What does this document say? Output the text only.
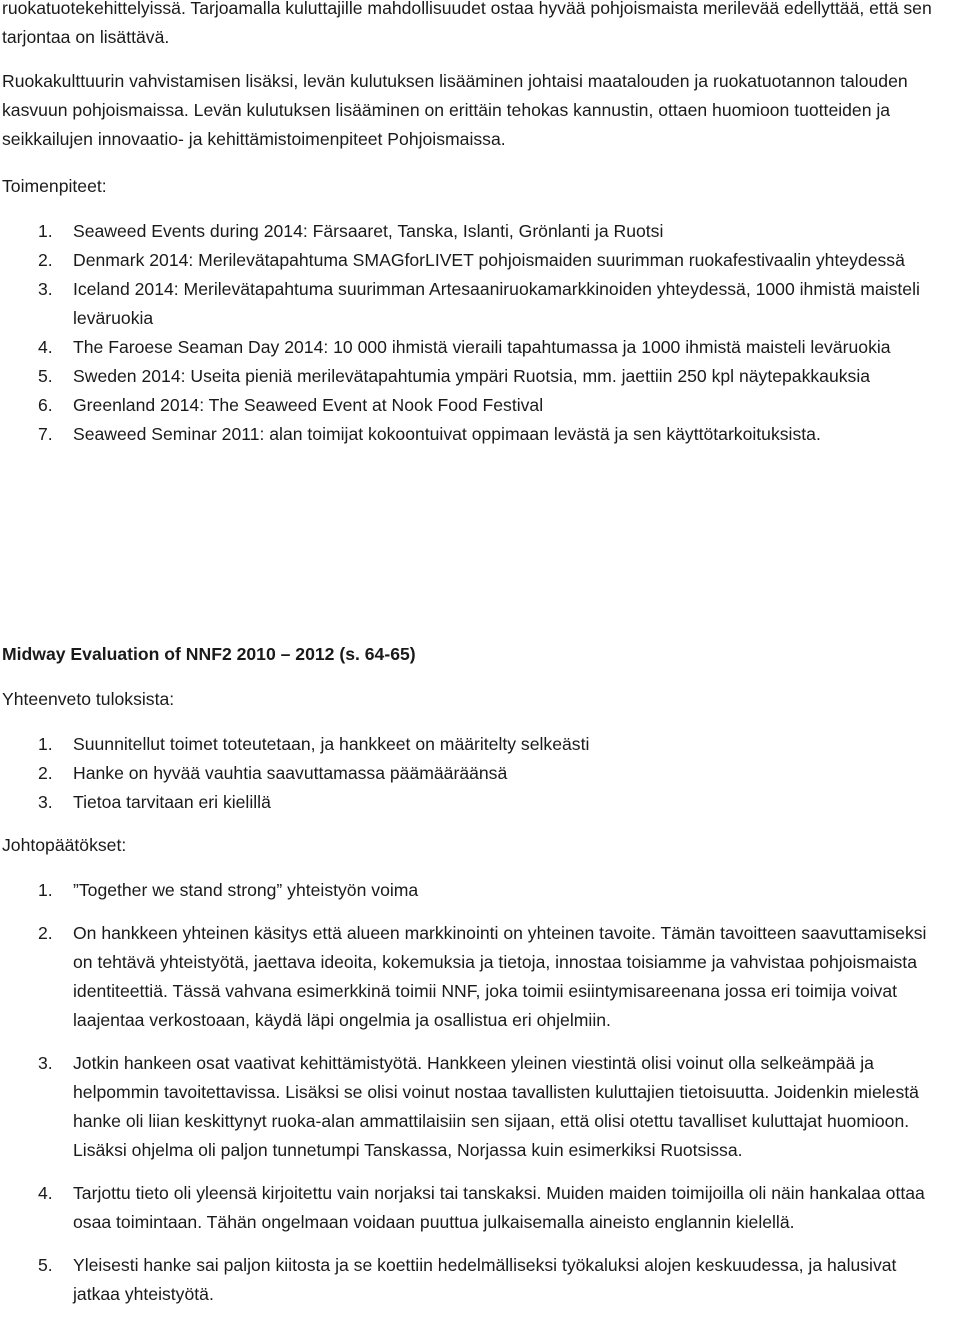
ruokatuotekehittelyissä. Tarjoamalla kuluttajille mahdollisuudet ostaa hyvää pohjoismaista merilevää edellyttää, että sen tarjontaa on lisättävä.

Ruokakulttuurin vahvistamisen lisäksi, levän kulutuksen lisääminen johtaisi maatalouden ja ruokatuotannon talouden kasvuun pohjoismaissa. Levän kulutuksen lisääminen on erittäin tehokas kannustin, ottaen huomioon tuotteiden ja seikkailujen innovaatio- ja kehittämistoimenpiteet Pohjoismaissa.

Toimenpiteet:

1. Seaweed Events during 2014: Färsaaret, Tanska, Islanti, Grönlanti ja Ruotsi
2. Denmark 2014: Merilevätapahtuma SMAGforLIVET pohjoismaiden suurimman ruokafestivaalin yhteydessä
3. Iceland 2014: Merilevätapahtuma suurimman Artesaaniruokamarkkinoiden yhteydessä, 1000 ihmistä maisteli leväruokia
4. The Faroese Seaman Day 2014: 10 000 ihmistä vieraili tapahtumassa ja 1000 ihmistä maisteli leväruokia
5. Sweden 2014: Useita pieniä merilevätapahtumia ympäri Ruotsia, mm. jaettiin 250 kpl näytepakkauksia
6. Greenland 2014: The Seaweed Event at Nook Food Festival
7. Seaweed Seminar 2011: alan toimijat kokoontuivat oppimaan levästä ja sen käyttötarkoituksista.

Midway Evaluation of NNF2 2010 – 2012 (s. 64-65)

Yhteenveto tuloksista:

1. Suunnitellut toimet toteutetaan, ja hankkeet on määritelty selkeästi
2. Hanke on hyvää vauhtia saavuttamassa päämääräänsä
3. Tietoa tarvitaan eri kielillä

Johtopäätökset:

1. ”Together we stand strong” yhteistyön voima
2. On hankkeen yhteinen käsitys että alueen markkinointi on yhteinen tavoite. Tämän tavoitteen saavuttamiseksi on tehtävä yhteistyötä, jaettava ideoita, kokemuksia ja tietoja, innostaa toisiamme ja vahvistaa pohjoismaista identiteettiä. Tässä vahvana esimerkkinä toimii NNF, joka toimii esiintymisareenana jossa eri toimija voivat laajentaa verkostoaan, käydä läpi ongelmia ja osallistua eri ohjelmiin.
3. Jotkin hankeen osat vaativat kehittämistyötä. Hankkeen yleinen viestintä olisi voinut olla selkeämpää ja helpommin tavoitettavissa. Lisäksi se olisi voinut nostaa tavallisten kuluttajien tietoisuutta. Joidenkin mielestä hanke oli liian keskittynyt ruoka-alan ammattilaisiin sen sijaan, että olisi otettu tavalliset kuluttajat huomioon. Lisäksi ohjelma oli paljon tunnetumpi Tanskassa, Norjassa kuin esimerkiksi Ruotsissa.
4. Tarjottu tieto oli yleensä kirjoitettu vain norjaksi tai tanskaksi. Muiden maiden toimijoilla oli näin hankalaa ottaa osaa toimintaan. Tähän ongelmaan voidaan puuttua julkaisemalla aineisto englannin kielellä.
5. Yleisesti hanke sai paljon kiitosta ja se koettiin hedelmälliseksi työkaluksi alojen keskuudessa, ja halusivat jatkaa yhteistyötä.
